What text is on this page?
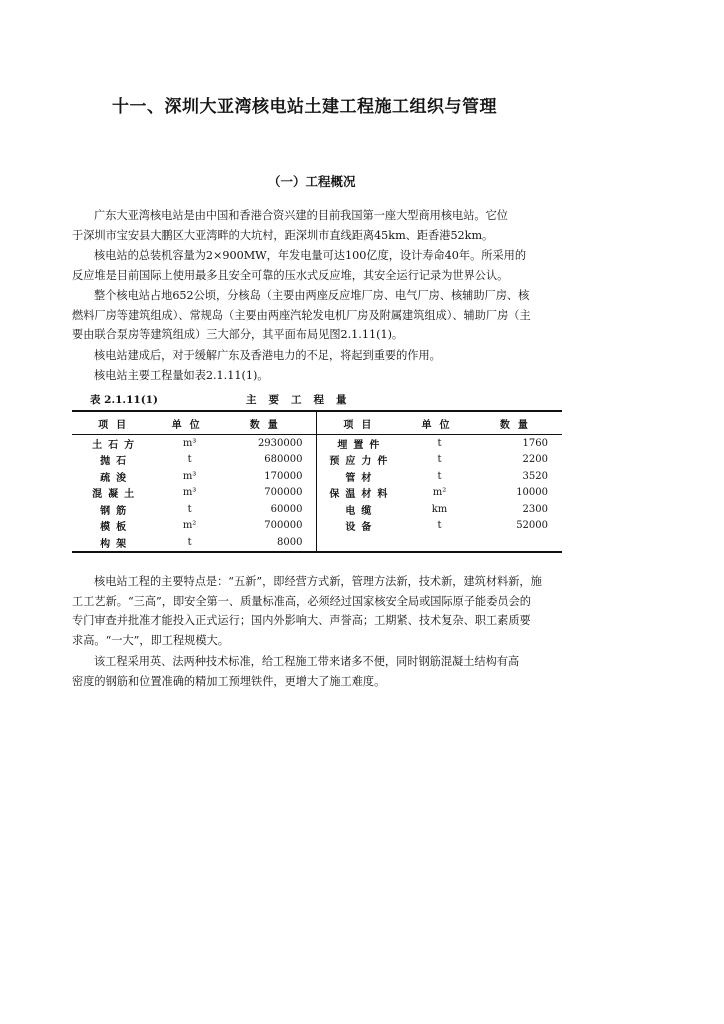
十一、深圳大亚湾核电站土建工程施工组织与管理
（一）工程概况
广东大亚湾核电站是由中国和香港合资兴建的目前我国第一座大型商用核电站。它位
于深圳市宝安县大鹏区大亚湾畔的大坑村，距深圳市直线距离45km、距香港52km。
核电站的总装机容量为2×900MW，年发电量可达100亿度，设计寿命40年。所采用的
反应堆是目前国际上使用最多且安全可靠的压水式反应堆，其安全运行记录为世界公认。
整个核电站占地652公顷，分核岛（主要由两座反应堆厂房、电气厂房、核辅助厂房、核
燃料厂房等建筑组成）、常规岛（主要由两座汽轮发电机厂房及附属建筑组成）、辅助厂房（主
要由联合泵房等建筑组成）三大部分，其平面布局见图2.1.11(1)。
核电站建成后，对于缓解广东及香港电力的不足，将起到重要的作用。
核电站主要工程量如表2.1.11(1)。
表 2.1.11(1)	主要工程量
项目	单位	数量	项目	单位	数量
土石方	m³	2930000	埋置件	t	1760
抛石	t	680000	预应力件	t	2200
疏浚	m³	170000	管材	t	3520
混凝土	m³	700000	保温材料	m²	10000
钢筋	t	60000	电缆	km	2300
模板	m²	700000	设备	t	52000
构架	t	8000			
核电站工程的主要特点是：“五新”，即经营方式新，管理方法新，技术新，建筑材料新，施
工工艺新。“三高”，即安全第一、质量标准高，必须经过国家核安全局或国际原子能委员会的
专门审查并批准才能投入正式运行；国内外影响大、声誉高；工期紧、技术复杂、职工素质要
求高。“一大”，即工程规模大。
该工程采用英、法两种技术标准，给工程施工带来诸多不便，同时钢筋混凝土结构有高
密度的钢筋和位置准确的精加工预埋铁件，更增大了施工难度。
